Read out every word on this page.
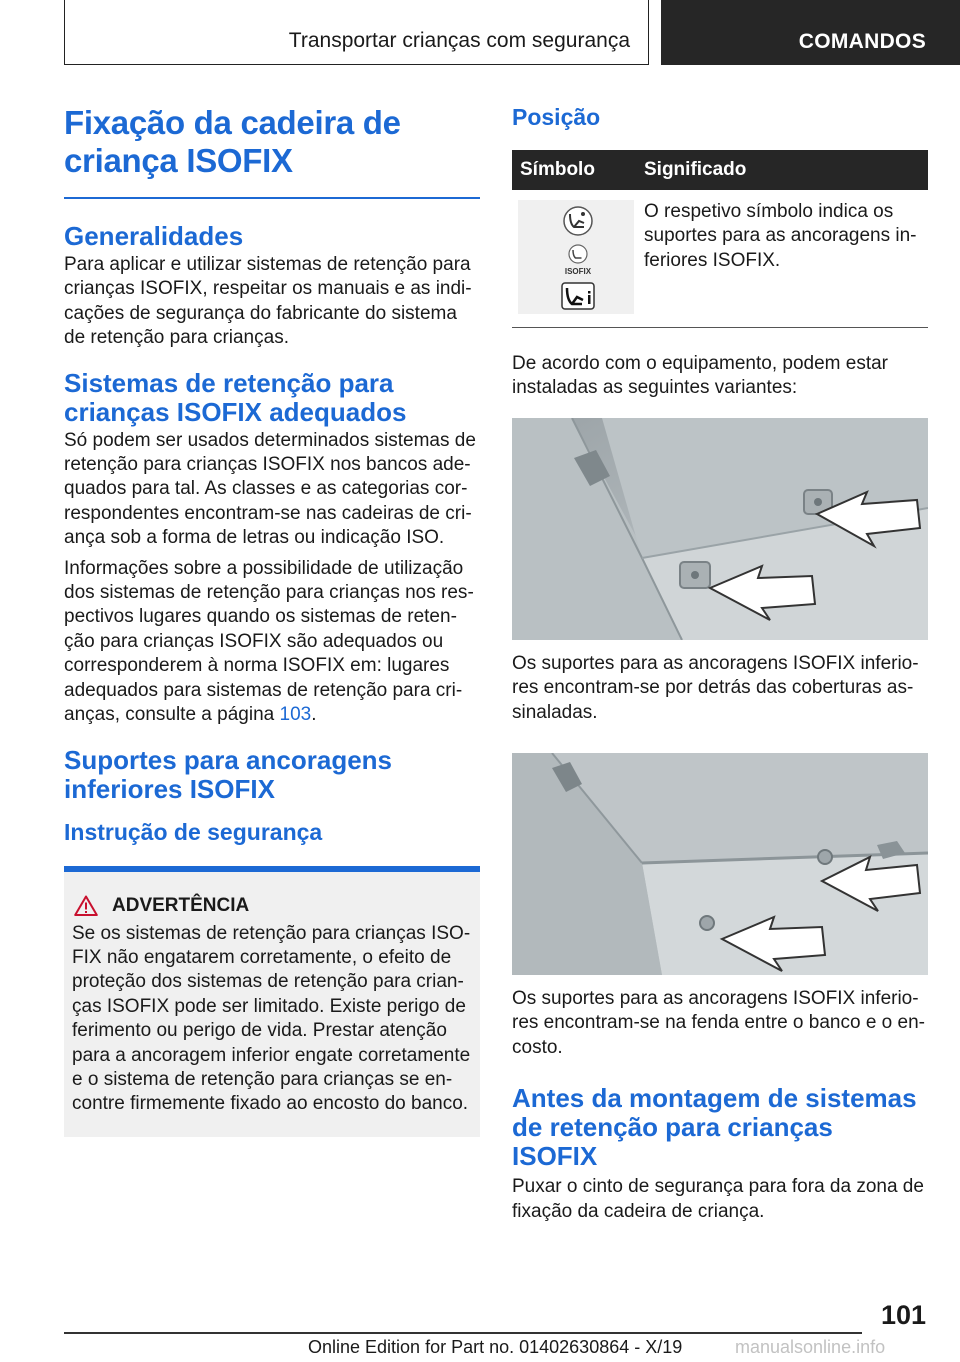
Transportar crianças com segurança	COMANDOS
Fixação da cadeira de
criança ISOFIX
Generalidades

Para aplicar e utilizar sistemas de retenção para crianças ISOFIX, respeitar os manuais e as indicações de segurança do fabricante do sistema de retenção para crianças.

Sistemas de retenção para
crianças ISOFIX adequados

Só podem ser usados determinados sistemas de retenção para crianças ISOFIX nos bancos adequados para tal. As classes e as categorias correspondentes encontram-se nas cadeiras de criança sob a forma de letras ou indicação ISO.

Informações sobre a possibilidade de utilização dos sistemas de retenção para crianças nos respectivos lugares quando os sistemas de retenção para crianças ISOFIX são adequados ou corresponderem à norma ISOFIX em: lugares adequados para sistemas de retenção para crianças, consulte a página 103.

Suportes para ancoragens
inferiores ISOFIX
Instrução de segurança
ADVERTÊNCIA

Se os sistemas de retenção para crianças ISOFIX não engatarem corretamente, o efeito de proteção dos sistemas de retenção para crianças ISOFIX pode ser limitado. Existe perigo de ferimento ou perigo de vida. Prestar atenção para a ancoragem inferior engate corretamente e o sistema de retenção para crianças se encontre firmemente fixado ao encosto do banco.

Posição
Símbolo	Significado
ISOFIX

O respetivo símbolo indica os suportes para as ancoragens inferiores ISOFIX.

De acordo com o equipamento, podem estar instaladas as seguintes variantes:

Os suportes para as ancoragens ISOFIX inferiores encontram-se por detrás das coberturas assinaladas.

Os suportes para as ancoragens ISOFIX inferiores encontram-se na fenda entre o banco e o encosto.

Antes da montagem de sistemas
de retenção para crianças
ISOFIX

Puxar o cinto de segurança para fora da zona de fixação da cadeira de criança.

101
Online Edition for Part no. 01402630864 - X/19	manualsonline.info
